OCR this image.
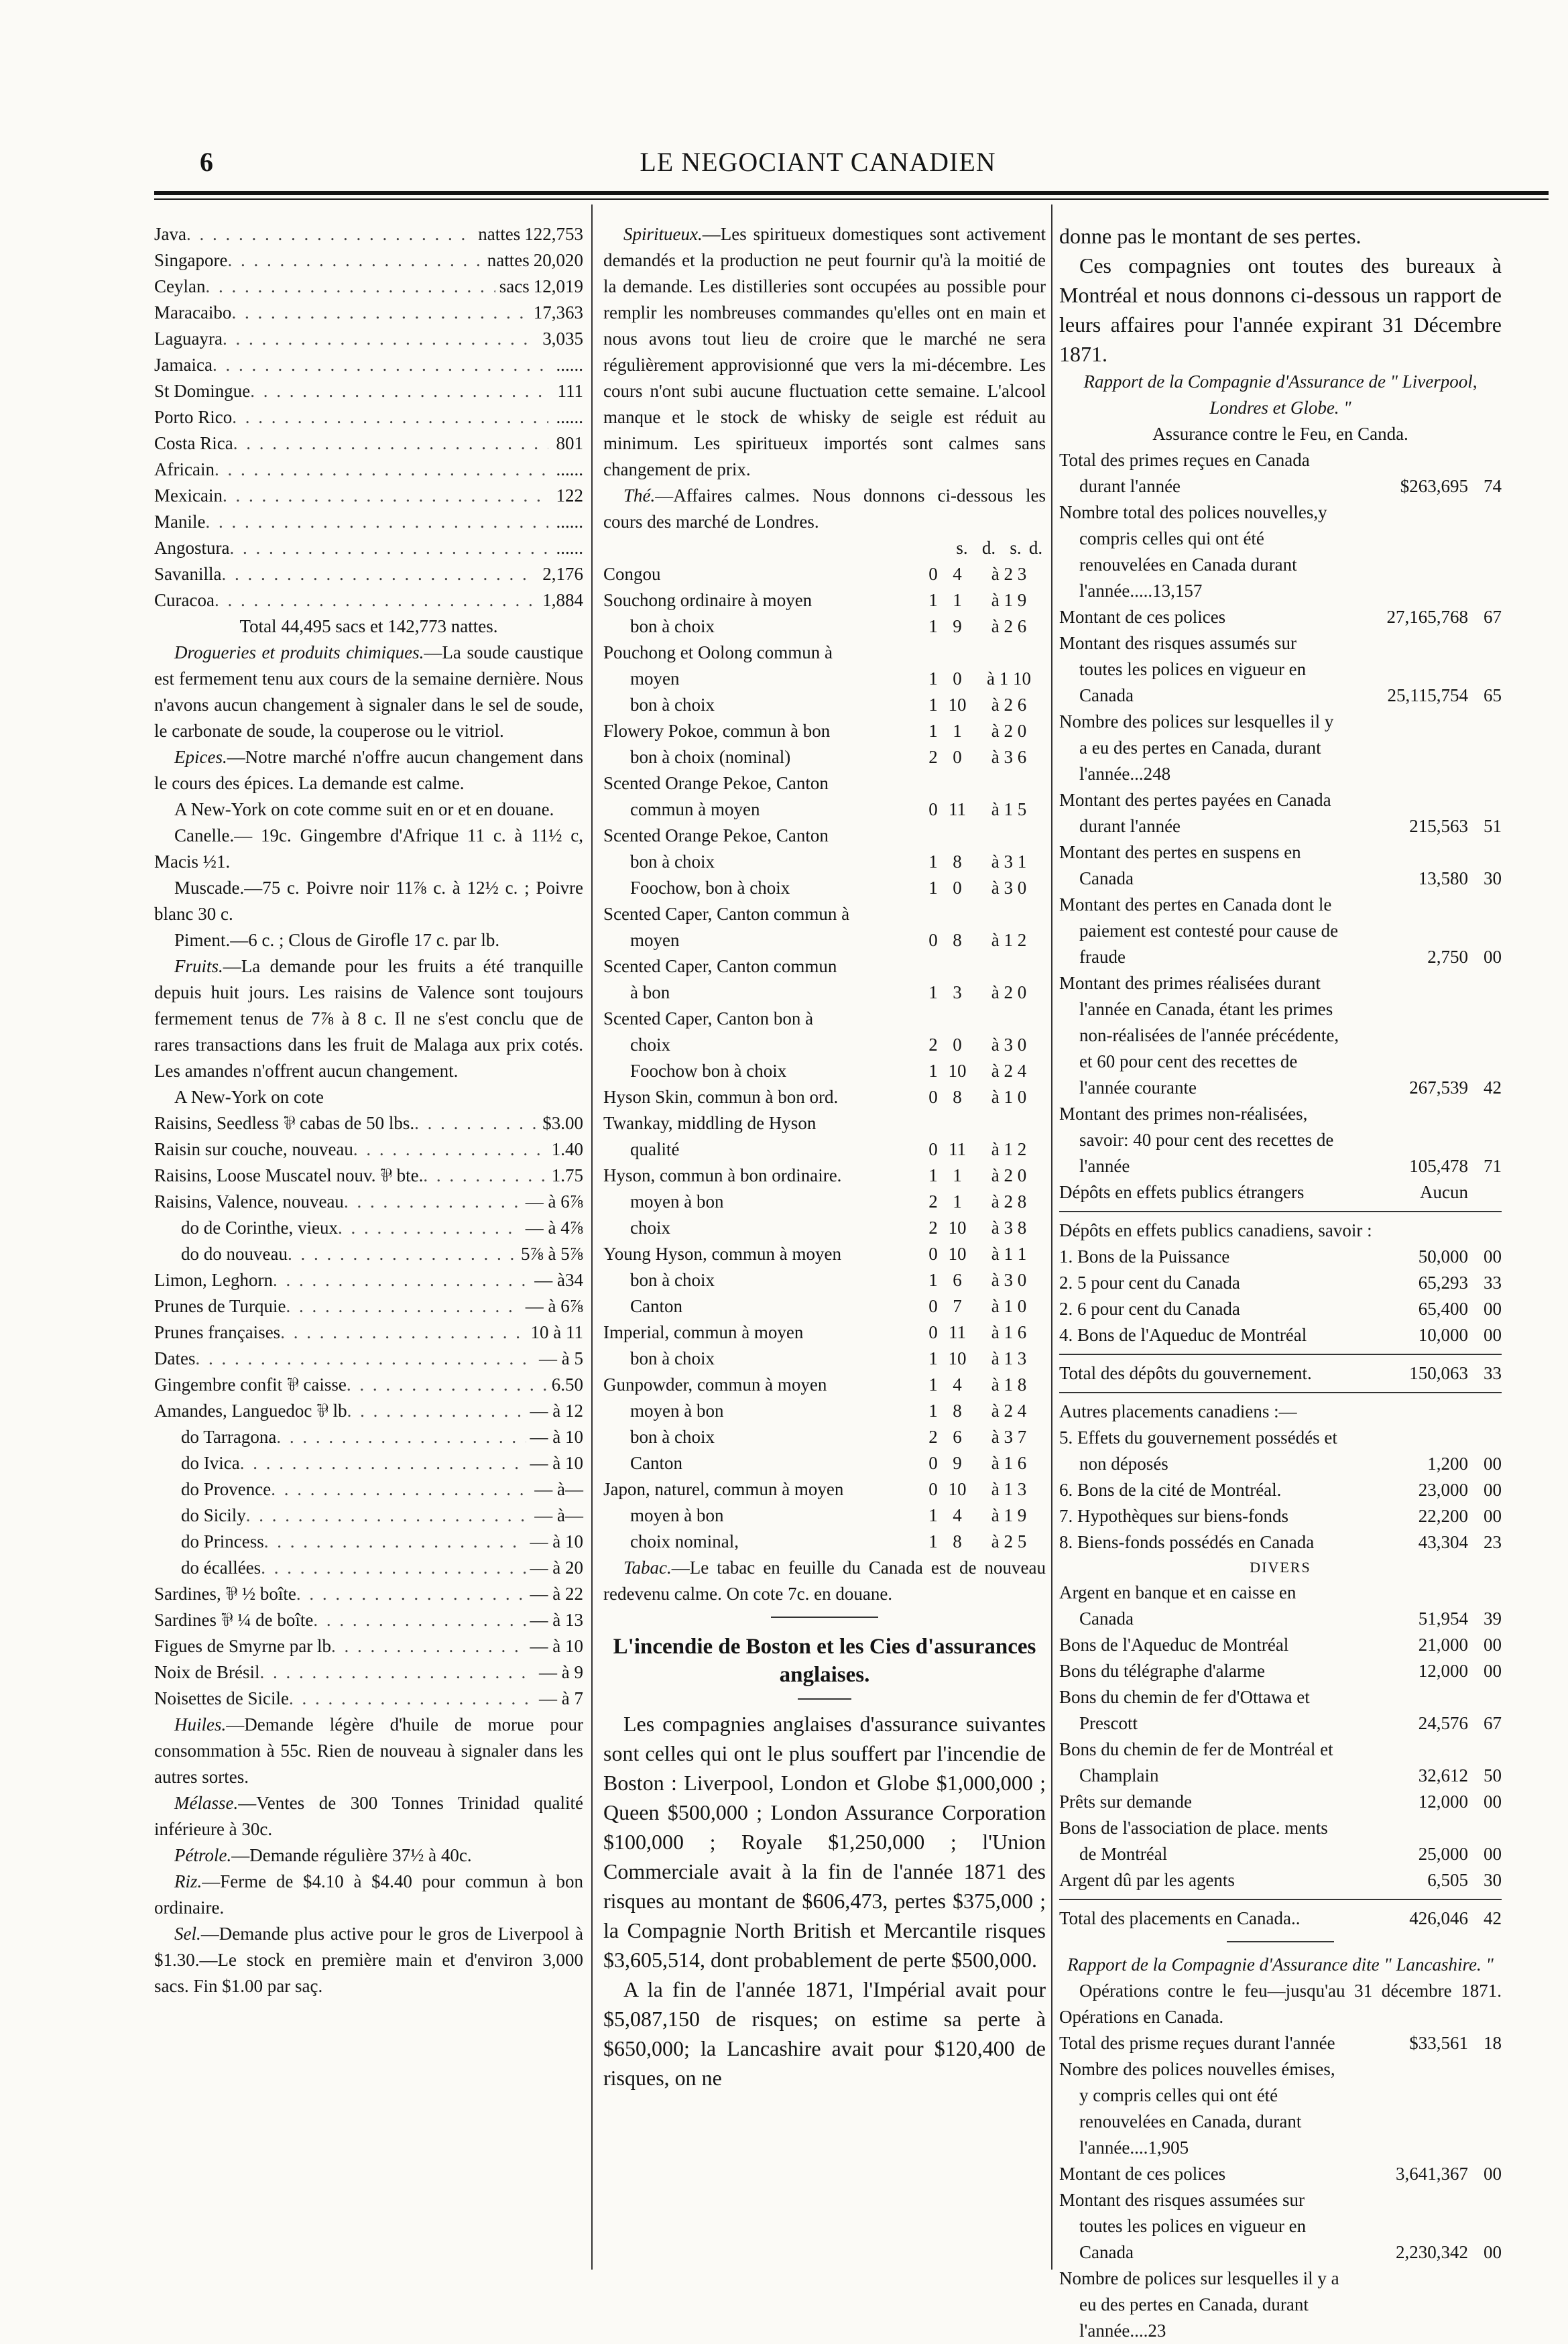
6	LE NEGOCIANT CANADIEN
Java . . .	nattes 122,753
Singapore . . .	nattes 20,020
Ceylan . . .	sacs 12,019
Maracaibo . . .	17,363
Laguayra . . .	3,035
Jamaica . . .	......
St Domingue . . .	111
Porto Rico . . .	......
Costa Rica . . .	801
Africain . . .	......
Mexicain . . .	122
Manile . . .	......
Angostura . . .	......
Savanilla . . .	2,176
Curacoa . . .	1,884
Total 44,495 sacs et 142,773 nattes.

Drogueries et produits chimiques.—La soude caustique est fermement tenu aux cours de la semaine dernière. Nous n'avons aucun changement à signaler dans le sel de soude, le carbonate de soude, la couperose ou le vitriol.

Epices.—Notre marché n'offre aucun changement dans le cours des épices. La demande est calme.

A New-York on cote comme suit en or et en douane.

Canelle.— 19c. Gingembre d'Afrique 11 c. à 11½ c, Macis ½1.

Muscade.—75 c. Poivre noir 11⅞ c. à 12½ c. ; Poivre blanc 30 c.

Piment.—6 c. ; Clous de Girofle 17 c. par lb.

Fruits.—La demande pour les fruits a été tranquille depuis huit jours. Les raisins de Valence sont toujours fermement tenus de 7⅞ à 8 c. Il ne s'est conclu que de rares transactions dans les fruit de Malaga aux prix cotés. Les amandes n'offrent aucun changement.

A New-York on cote

Raisins, Seedless ⅌ cabas de 50 lbs. . . .	$3.00
Raisin sur couche, nouveau . . .	1.40
Raisins, Loose Muscatel nouv. ⅌ bte. . . .	1.75
Raisins, Valence, nouveau . . .	— à 6⅞
do de Corinthe, vieux . . .	— à 4⅞
do do nouveau . . .	5⅞ à 5⅞
Limon, Leghorn . . .	— à34
Prunes de Turquie . . .	— à 6⅞
Prunes françaises . . .	10 à 11
Dates . . .	— à 5
Gingembre confit ⅌ caisse . . .	6.50
Amandes, Languedoc ⅌ lb . . .	— à 12
do Tarragona . . .	— à 10
do Ivica . . .	— à 10
do Provence . . .	— à—
do Sicily . . .	— à—
do Princess . . .	— à 10
do écallées . . .	— à 20
Sardines, ⅌ ½ boîte . . .	— à 22
Sardines ⅌ ¼ de boîte . . .	— à 13
Figues de Smyrne par lb . . .	— à 10
Noix de Brésil . . .	— à 9
Noisettes de Sicile . . .	— à 7

Huiles.—Demande légère d'huile de morue pour consommation à 55c. Rien de nouveau à signaler dans les autres sortes.

Mélasse.—Ventes de 300 Tonnes Trinidad qualité inférieure à 30c.

Pétrole.—Demande régulière 37½ à 40c.

Riz.—Ferme de $4.10 à $4.40 pour commun à bon ordinaire.

Sel.—Demande plus active pour le gros de Liverpool à $1.30.—Le stock en première main et d'environ 3,000 sacs. Fin $1.00 par saç.

Spiritueux.—Les spiritueux domestiques sont activement demandés et la production ne peut fournir qu'à la moitié de la demande. Les distilleries sont occupées au possible pour remplir les nombreuses commandes qu'elles ont en main et nous avons tout lieu de croire que le marché ne sera régulièrement approvisionné que vers la mi-décembre. Les cours n'ont subi aucune fluctuation cette semaine. L'alcool manque et le stock de whisky de seigle est réduit au minimum. Les spiritueux importés sont calmes sans changement de prix.

Thé.—Affaires calmes. Nous donnons ci-dessous les cours des marché de Londres.

s. d. s. d.
Congou	0 4	à 2 3
Souchong ordinaire à moyen	1 1	à 1 9
bon à choix	1 9	à 2 6
Pouchong et Oolong commun à
moyen	1 0	à 1 10
bon à choix	1 10	à 2 6
Flowery Pokoe, commun à bon	1 1	à 2 0
bon à choix (nominal)	2 0	à 3 6
Scented Orange Pekoe, Canton
commun à moyen	0 11	à 1 5
Scented Orange Pekoe, Canton
bon à choix	1 8	à 3 1
Foochow, bon à choix	1 0	à 3 0
Scented Caper, Canton commun à
moyen	0 8	à 1 2
Scented Caper, Canton commun
à bon	1 3	à 2 0
Scented Caper, Canton bon à
choix	2 0	à 3 0
Foochow bon à choix	1 10	à 2 4
Hyson Skin, commun à bon ord.	0 8	à 1 0
Twankay, middling de Hyson
qualité	0 11	à 1 2
Hyson, commun à bon ordinaire.	1 1	à 2 0
moyen à bon	2 1	à 2 8
choix	2 10	à 3 8
Young Hyson, commun à moyen	0 10	à 1 1
bon à choix	1 6	à 3 0
Canton	0 7	à 1 0
Imperial, commun à moyen	0 11	à 1 6
bon à choix	1 10	à 1 3
Gunpowder, commun à moyen	1 4	à 1 8
moyen à bon	1 8	à 2 4
bon à choix	2 6	à 3 7
Canton	0 9	à 1 6
Japon, naturel, commun à moyen	0 10	à 1 3
moyen à bon	1 4	à 1 9
choix nominal,	1 8	à 2 5

Tabac.—Le tabac en feuille du Canada est de nouveau redevenu calme. On cote 7c. en douane.

L'incendie de Boston et les Cies d'assurances anglaises.

Les compagnies anglaises d'assurance suivantes sont celles qui ont le plus souffert par l'incendie de Boston : Liverpool, London et Globe $1,000,000 ; Queen $500,000 ; London Assurance Corporation $100,000 ; Royale $1,250,000 ; l'Union Commerciale avait à la fin de l'année 1871 des risques au montant de $606,473, pertes $375,000 ; la Compagnie North British et Mercantile risques $3,605,514, dont probablement de perte $500,000.

A la fin de l'année 1871, l'Impérial avait pour $5,087,150 de risques; on estime sa perte à $650,000; la Lancashire avait pour $120,400 de risques, on ne

donne pas le montant de ses pertes.

Ces compagnies ont toutes des bureaux à Montréal et nous donnons ci-dessous un rapport de leurs affaires pour l'année expirant 31 Décembre 1871.

Rapport de la Compagnie d'Assurance de " Liverpool, Londres et Globe. "
Assurance contre le Feu, en Canda.
Total des primes reçues en Canada durant l'année	$263,695 74
Nombre total des polices nouvelles,y compris celles qui ont été renouvelées en Canada durant l'année.....13,157
Montant de ces polices	27,165,768 67
Montant des risques assumés sur toutes les polices en vigueur en Canada	25,115,754 65
Nombre des polices sur lesquelles il y a eu des pertes en Canada, durant l'année...248
Montant des pertes payées en Canada durant l'année	215,563 51
Montant des pertes en suspens en Canada	13,580 30
Montant des pertes en Canada dont le paiement est contesté pour cause de fraude	2,750 00
Montant des primes réalisées durant l'année en Canada, étant les primes non-réalisées de l'année précédente, et 60 pour cent des recettes de l'année courante	267,539 42
Montant des primes non-réalisées, savoir: 40 pour cent des recettes de l'année	105,478 71
Dépôts en effets publics étrangers	Aucun
Dépôts en effets publics canadiens, savoir :
1. Bons de la Puissance	50,000 00
2. 5 pour cent du Canada	65,293 33
2. 6 pour cent du Canada	65,400 00
4. Bons de l'Aqueduc de Montréal	10,000 00
Total des dépôts du gouvernement.	150,063 33
Autres placements canadiens :—
5. Effets du gouvernement possédés et non déposés	1,200 00
6. Bons de la cité de Montréal.	23,000 00
7. Hypothèques sur biens-fonds	22,200 00
8. Biens-fonds possédés en Canada	43,304 23
DIVERS
Argent en banque et en caisse en Canada	51,954 39
Bons de l'Aqueduc de Montréal	21,000 00
Bons du télégraphe d'alarme	12,000 00
Bons du chemin de fer d'Ottawa et Prescott	24,576 67
Bons du chemin de fer de Montréal et Champlain	32,612 50
Prêts sur demande	12,000 00
Bons de l'association de place. ments de Montréal	25,000 00
Argent dû par les agents	6,505 30
Total des placements en Canada..	426,046 42
Rapport de la Compagnie d'Assurance dite " Lancashire. "
Opérations contre le feu—jusqu'au 31 décembre 1871. Opérations en Canada.
Total des prisme reçues durant l'année	$33,561 18
Nombre des polices nouvelles émises, y compris celles qui ont été renouvelées en Canada, durant l'année....1,905
Montant de ces polices	3,641,367 00
Montant des risques assumées sur toutes les polices en vigueur en Canada	2,230,342 00
Nombre de polices sur lesquelles il y a eu des pertes en Canada, durant l'année....23
